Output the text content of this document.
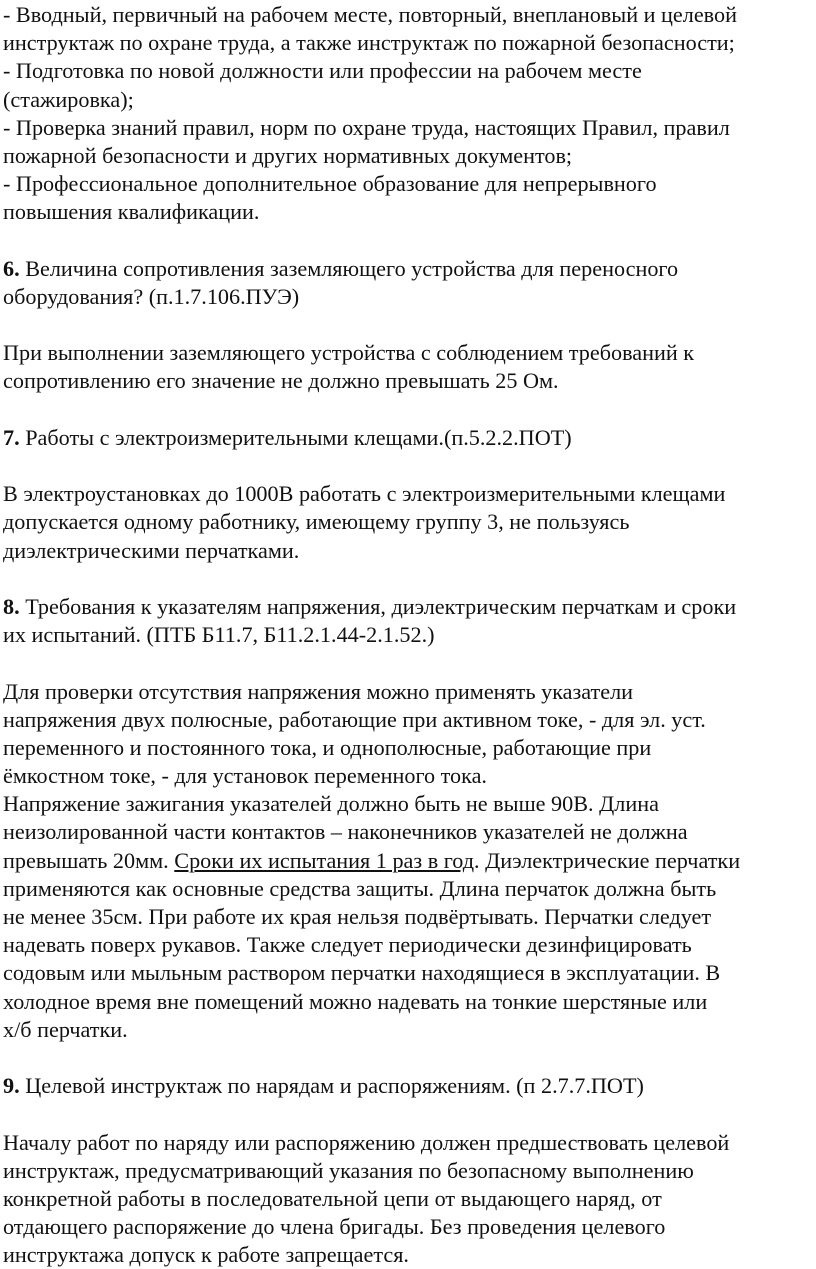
- Вводный, первичный на рабочем месте, повторный, внеплановый и целевой
инструктаж по охране труда, а также инструктаж по пожарной безопасности;
- Подготовка по новой должности или профессии на рабочем месте
(стажировка);
- Проверка знаний правил, норм по охране труда, настоящих Правил, правил
пожарной безопасности и других нормативных документов;
- Профессиональное дополнительное образование для непрерывного
повышения квалификации.
6. Величина сопротивления заземляющего устройства для переносного
оборудования? (п.1.7.106.ПУЭ)
При выполнении заземляющего устройства с соблюдением требований к
сопротивлению его значение не должно превышать 25 Ом.
7. Работы с электроизмерительными клещами.(п.5.2.2.ПОТ)
В электроустановках до 1000В работать с электроизмерительными клещами
допускается одному работнику, имеющему группу 3, не пользуясь
диэлектрическими перчатками.
8. Требования к указателям напряжения, диэлектрическим перчаткам и сроки
их испытаний. (ПТБ Б11.7, Б11.2.1.44-2.1.52.)
Для проверки отсутствия напряжения можно применять указатели
напряжения двух полюсные, работающие при активном токе, - для эл. уст.
переменного и постоянного тока, и однополюсные, работающие при
ёмкостном токе, - для установок переменного тока.
Напряжение зажигания указателей должно быть не выше 90В. Длина
неизолированной части контактов – наконечников указателей не должна
превышать 20мм. Сроки их испытания 1 раз в год. Диэлектрические перчатки
применяются как основные средства защиты. Длина перчаток должна быть
не менее 35см. При работе их края нельзя подвёртывать. Перчатки следует
надевать поверх рукавов. Также следует периодически дезинфицировать
содовым или мыльным раствором перчатки находящиеся в эксплуатации. В
холодное время вне помещений можно надевать на тонкие шерстяные или
х/б перчатки.
9. Целевой инструктаж по нарядам и распоряжениям. (п 2.7.7.ПОТ)
Началу работ по наряду или распоряжению должен предшествовать целевой
инструктаж, предусматривающий указания по безопасному выполнению
конкретной работы в последовательной цепи от выдающего наряд, от
отдающего распоряжение до члена бригады. Без проведения целевого
инструктажа допуск к работе запрещается.
